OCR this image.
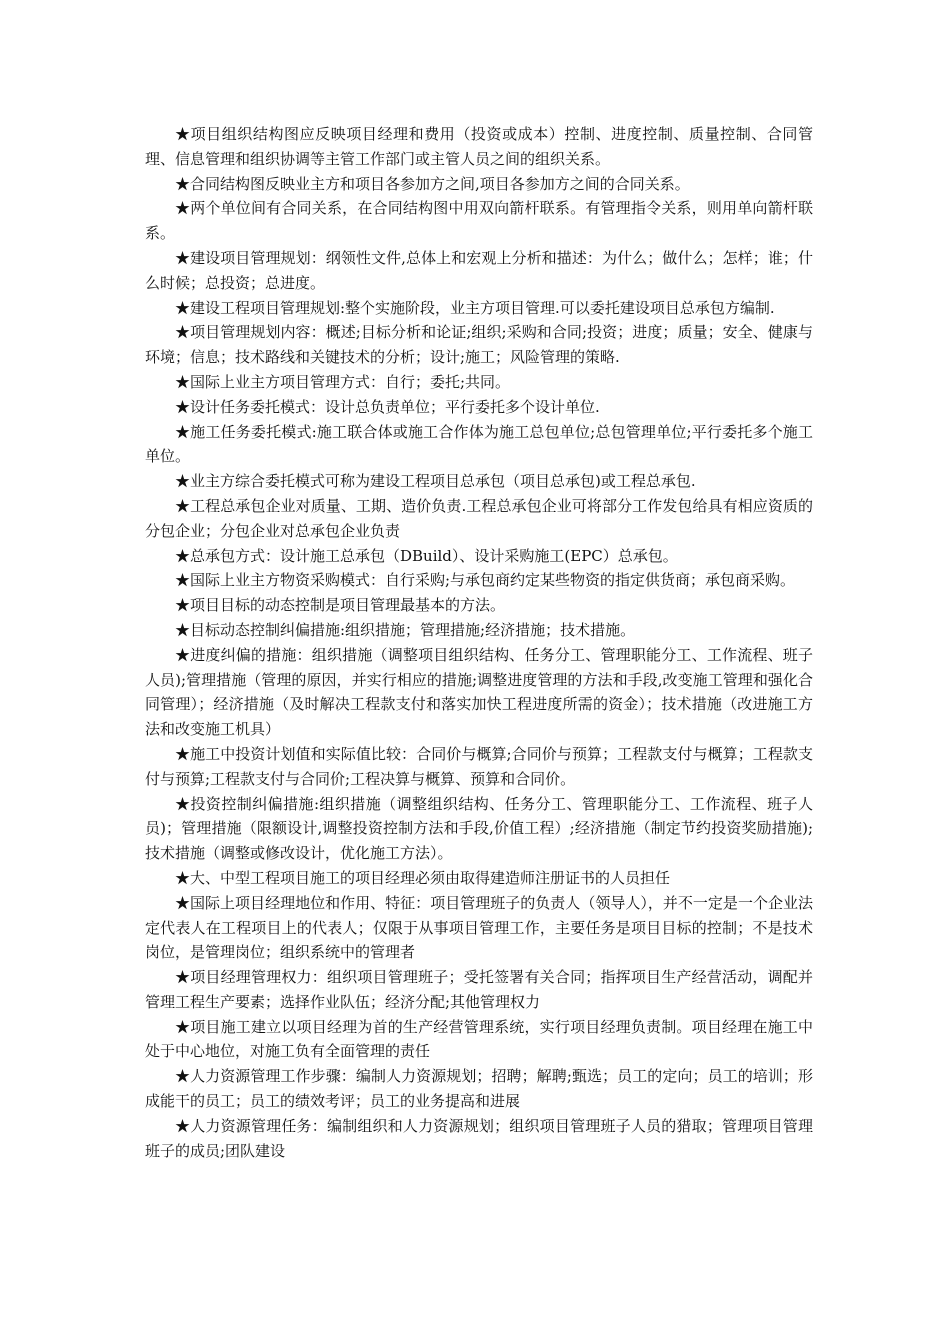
★项目组织结构图应反映项目经理和费用（投资或成本）控制、进度控制、质量控制、合同管理、信息管理和组织协调等主管工作部门或主管人员之间的组织关系。

★合同结构图反映业主方和项目各参加方之间,项目各参加方之间的合同关系。

★两个单位间有合同关系，在合同结构图中用双向箭杆联系。有管理指令关系，则用单向箭杆联系。

★建设项目管理规划：纲领性文件,总体上和宏观上分析和描述：为什么；做什么；怎样；谁；什么时候；总投资；总进度。

★建设工程项目管理规划:整个实施阶段，业主方项目管理.可以委托建设项目总承包方编制.

★项目管理规划内容：概述;目标分析和论证;组织;采购和合同;投资；进度；质量；安全、健康与环境；信息；技术路线和关键技术的分析；设计;施工；风险管理的策略.

★国际上业主方项目管理方式：自行；委托;共同。

★设计任务委托模式：设计总负责单位；平行委托多个设计单位.

★施工任务委托模式:施工联合体或施工合作体为施工总包单位;总包管理单位;平行委托多个施工单位。

★业主方综合委托模式可称为建设工程项目总承包（项目总承包)或工程总承包.

★工程总承包企业对质量、工期、造价负责.工程总承包企业可将部分工作发包给具有相应资质的分包企业；分包企业对总承包企业负责

★总承包方式：设计施工总承包（DBuild）、设计采购施工(EPC）总承包。

★国际上业主方物资采购模式：自行采购;与承包商约定某些物资的指定供货商；承包商采购。

★项目目标的动态控制是项目管理最基本的方法。

★目标动态控制纠偏措施:组织措施；管理措施;经济措施；技术措施。

★进度纠偏的措施：组织措施（调整项目组织结构、任务分工、管理职能分工、工作流程、班子人员);管理措施（管理的原因，并实行相应的措施;调整进度管理的方法和手段,改变施工管理和强化合同管理）；经济措施（及时解决工程款支付和落实加快工程进度所需的资金）；技术措施（改进施工方法和改变施工机具）

★施工中投资计划值和实际值比较：合同价与概算;合同价与预算；工程款支付与概算；工程款支付与预算;工程款支付与合同价;工程决算与概算、预算和合同价。

★投资控制纠偏措施:组织措施（调整组织结构、任务分工、管理职能分工、工作流程、班子人员)；管理措施（限额设计,调整投资控制方法和手段,价值工程）;经济措施（制定节约投资奖励措施);技术措施（调整或修改设计，优化施工方法）。

★大、中型工程项目施工的项目经理必须由取得建造师注册证书的人员担任

★国际上项目经理地位和作用、特征：项目管理班子的负责人（领导人），并不一定是一个企业法定代表人在工程项目上的代表人；仅限于从事项目管理工作，主要任务是项目目标的控制；不是技术岗位，是管理岗位；组织系统中的管理者

★项目经理管理权力：组织项目管理班子；受托签署有关合同；指挥项目生产经营活动，调配并管理工程生产要素；选择作业队伍；经济分配;其他管理权力

★项目施工建立以项目经理为首的生产经营管理系统，实行项目经理负责制。项目经理在施工中处于中心地位，对施工负有全面管理的责任

★人力资源管理工作步骤：编制人力资源规划；招聘；解聘;甄选；员工的定向；员工的培训；形成能干的员工；员工的绩效考评；员工的业务提高和进展

★人力资源管理任务：编制组织和人力资源规划；组织项目管理班子人员的猎取；管理项目管理班子的成员;团队建设
